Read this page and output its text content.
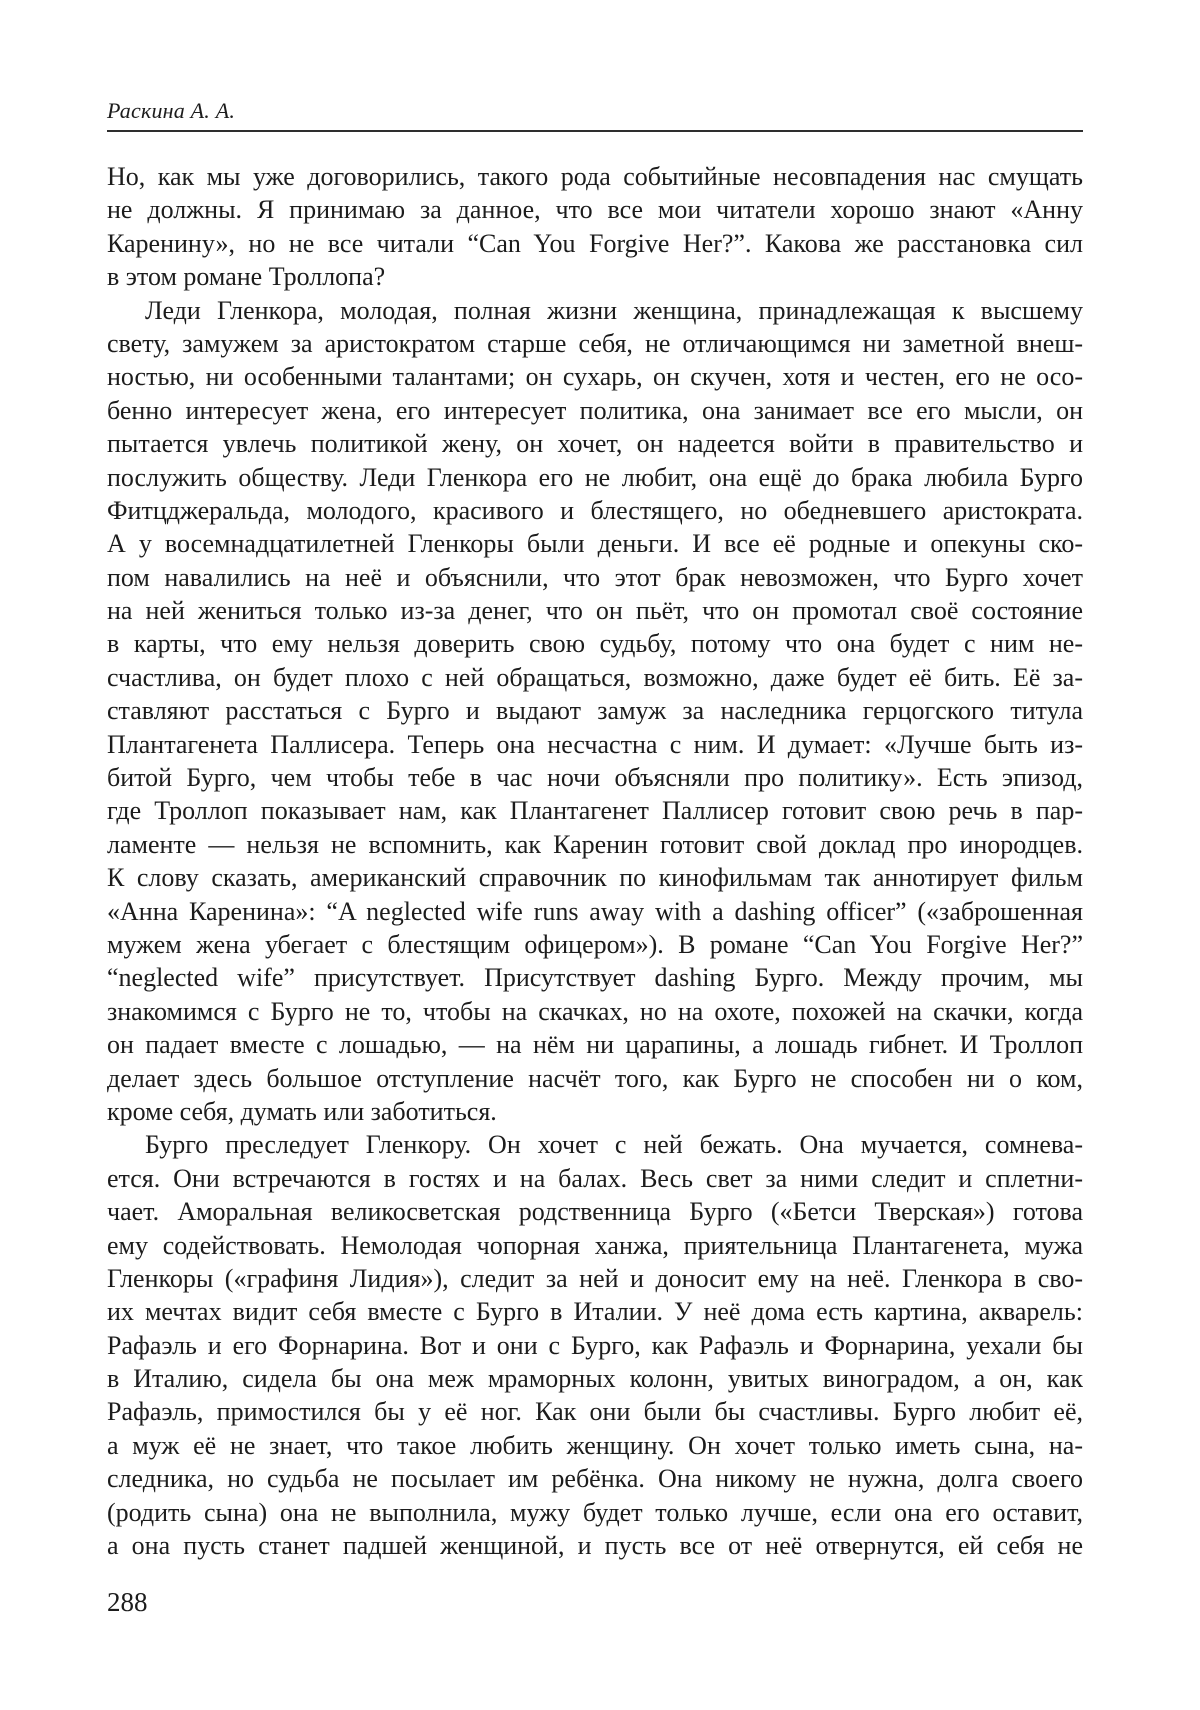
Раскина А. А.
Но, как мы уже договорились, такого рода событийные несовпадения нас смущать
не должны. Я принимаю за данное, что все мои читатели хорошо знают «Анну
Каренину», но не все читали “Can You Forgive Her?”. Какова же расстановка сил
в этом романе Троллопа?
Леди Гленкора, молодая, полная жизни женщина, принадлежащая к высшему
свету, замужем за аристократом старше себя, не отличающимся ни заметной внеш-
ностью, ни особенными талантами; он сухарь, он скучен, хотя и честен, его не осо-
бенно интересует жена, его интересует политика, она занимает все его мысли, он
пытается увлечь политикой жену, он хочет, он надеется войти в правительство и
послужить обществу. Леди Гленкора его не любит, она ещё до брака любила Бурго
Фитцджеральда, молодого, красивого и блестящего, но обедневшего аристократа.
А у восемнадцатилетней Гленкоры были деньги. И все её родные и опекуны ско-
пом навалились на неё и объяснили, что этот брак невозможен, что Бурго хочет
на ней жениться только из-за денег, что он пьёт, что он промотал своё состояние
в карты, что ему нельзя доверить свою судьбу, потому что она будет с ним не-
счастлива, он будет плохо с ней обращаться, возможно, даже будет её бить. Её за-
ставляют расстаться с Бурго и выдают замуж за наследника герцогского титула
Плантагенета Паллисера. Теперь она несчастна с ним. И думает: «Лучше быть из-
битой Бурго, чем чтобы тебе в час ночи объясняли про политику». Есть эпизод,
где Троллоп показывает нам, как Плантагенет Паллисер готовит свою речь в пар-
ламенте — нельзя не вспомнить, как Каренин готовит свой доклад про инородцев.
К слову сказать, американский справочник по кинофильмам так аннотирует фильм
«Анна Каренина»: “A neglected wife runs away with a dashing officer” («заброшенная
мужем жена убегает с блестящим офицером»). В романе “Can You Forgive Her?”
“neglected wife” присутствует. Присутствует dashing Бурго. Между прочим, мы
знакомимся с Бурго не то, чтобы на скачках, но на охоте, похожей на скачки, когда
он падает вместе с лошадью, — на нём ни царапины, а лошадь гибнет. И Троллоп
делает здесь большое отступление насчёт того, как Бурго не способен ни о ком,
кроме себя, думать или заботиться.
Бурго преследует Гленкору. Он хочет с ней бежать. Она мучается, сомнева-
ется. Они встречаются в гостях и на балах. Весь свет за ними следит и сплетни-
чает. Аморальная великосветская родственница Бурго («Бетси Тверская») готова
ему содействовать. Немолодая чопорная ханжа, приятельница Плантагенета, мужа
Гленкоры («графиня Лидия»), следит за ней и доносит ему на неё. Гленкора в сво-
их мечтах видит себя вместе с Бурго в Италии. У неё дома есть картина, акварель:
Рафаэль и его Форнарина. Вот и они с Бурго, как Рафаэль и Форнарина, уехали бы
в Италию, сидела бы она меж мраморных колонн, увитых виноградом, а он, как
Рафаэль, примостился бы у её ног. Как они были бы счастливы. Бурго любит её,
а муж её не знает, что такое любить женщину. Он хочет только иметь сына, на-
следника, но судьба не посылает им ребёнка. Она никому не нужна, долга своего
(родить сына) она не выполнила, мужу будет только лучше, если она его оставит,
а она пусть станет падшей женщиной, и пусть все от неё отвернутся, ей себя не
288
